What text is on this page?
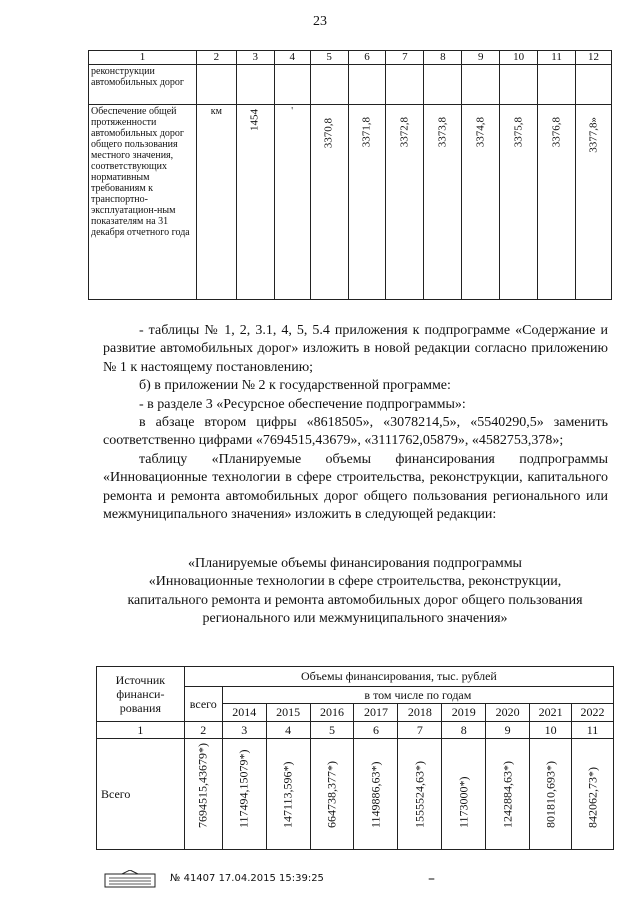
23
1	2	3	4	5	6	7	8	9	10	11	12
реконструкции автомобильных дорог											
Обеспечение общей протяженности автомобильных дорог общего пользования местного значения, соответствующих нормативным требованиям к транспортно-эксплуатацион-ным показателям на 31 декабря отчетного года	км	1454	'	3370,8	3371,8	3372,8	3373,8	3374,8	3375,8	3376,8	3377,8»

- таблицы № 1, 2, 3.1, 4, 5, 5.4 приложения к подпрограмме «Содержание и развитие автомобильных дорог» изложить в новой редакции согласно приложению № 1 к настоящему постановлению;

б) в приложении № 2 к государственной программе:

- в разделе 3 «Ресурсное обеспечение подпрограммы»:

в абзаце втором цифры «8618505», «3078214,5», «5540290,5» заменить соответственно цифрами «7694515,43679», «3111762,05879», «4582753,378»;

таблицу «Планируемые объемы финансирования подпрограммы «Инновационные технологии в сфере строительства, реконструкции, капитального ремонта и ремонта автомобильных дорог общего пользования регионального или межмуниципального значения» изложить в следующей редакции:

«Планируемые объемы финансирования подпрограммы

«Инновационные технологии в сфере строительства, реконструкции,

капитального ремонта и ремонта автомобильных дорог общего пользования

регионального или межмуниципального значения»

Источник финанси-рования	Объемы финансирования, тыс. рублей									
	всего	в том числе по годам								
		2014	2015	2016	2017	2018	2019	2020	2021	2022
1	2	3	4	5	6	7	8	9	10	11
Всего	7694515,43679*)	117494,15079*)	147113,596*)	664738,377*)	1149886,63*)	1555524,63*)	1173000*)	1242884,63*)	801810,693*)	842062,73*)
№ 41407 17.04.2015 15:39:25	–
